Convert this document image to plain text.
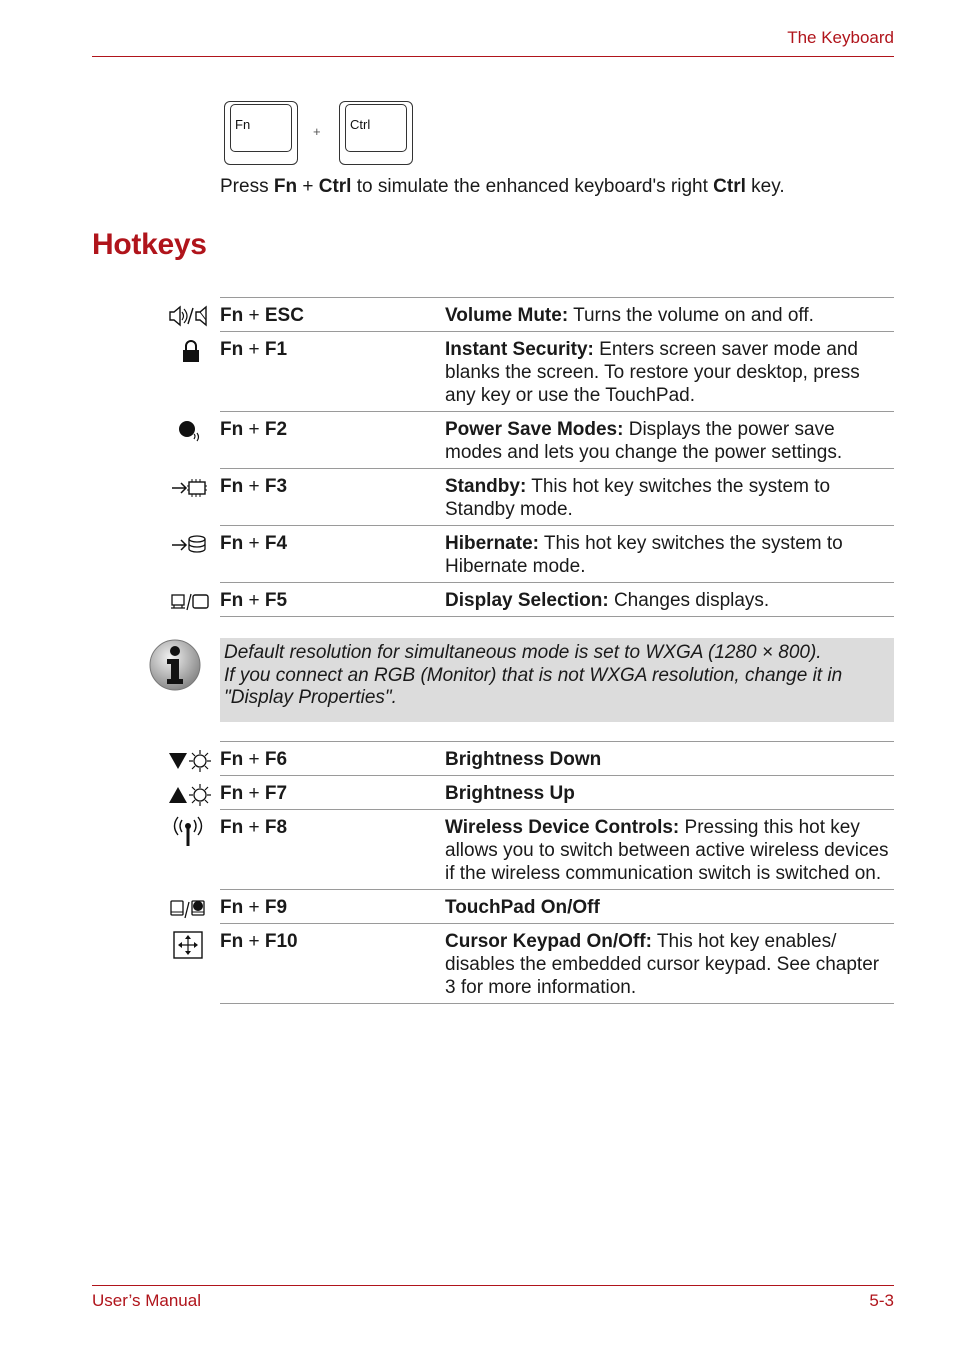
The Keyboard
Fn	+ Ctrl
Press Fn + Ctrl to simulate the enhanced keyboard's right Ctrl key.
Hotkeys
Fn + ESC	Volume Mute: Turns the volume on and off.
Fn + F1	Instant Security: Enters screen saver mode and blanks the screen. To restore your desktop, press any key or use the TouchPad.
Fn + F2	Power Save Modes: Displays the power save modes and lets you change the power settings.
Fn + F3	Standby: This hot key switches the system to Standby mode.
Fn + F4	Hibernate: This hot key switches the system to Hibernate mode.
Fn + F5	Display Selection: Changes displays.
Default resolution for simultaneous mode is set to WXGA (1280 × 800).
If you connect an RGB (Monitor) that is not WXGA resolution, change it in "Display Properties".
Fn + F6	Brightness Down
Fn + F7	Brightness Up
Fn + F8	Wireless Device Controls: Pressing this hot key allows you to switch between active wireless devices if the wireless communication switch is switched on.
Fn + F9	TouchPad On/Off
Fn + F10	Cursor Keypad On/Off: This hot key enables/ disables the embedded cursor keypad. See chapter 3 for more information.
User’s Manual	5-3
